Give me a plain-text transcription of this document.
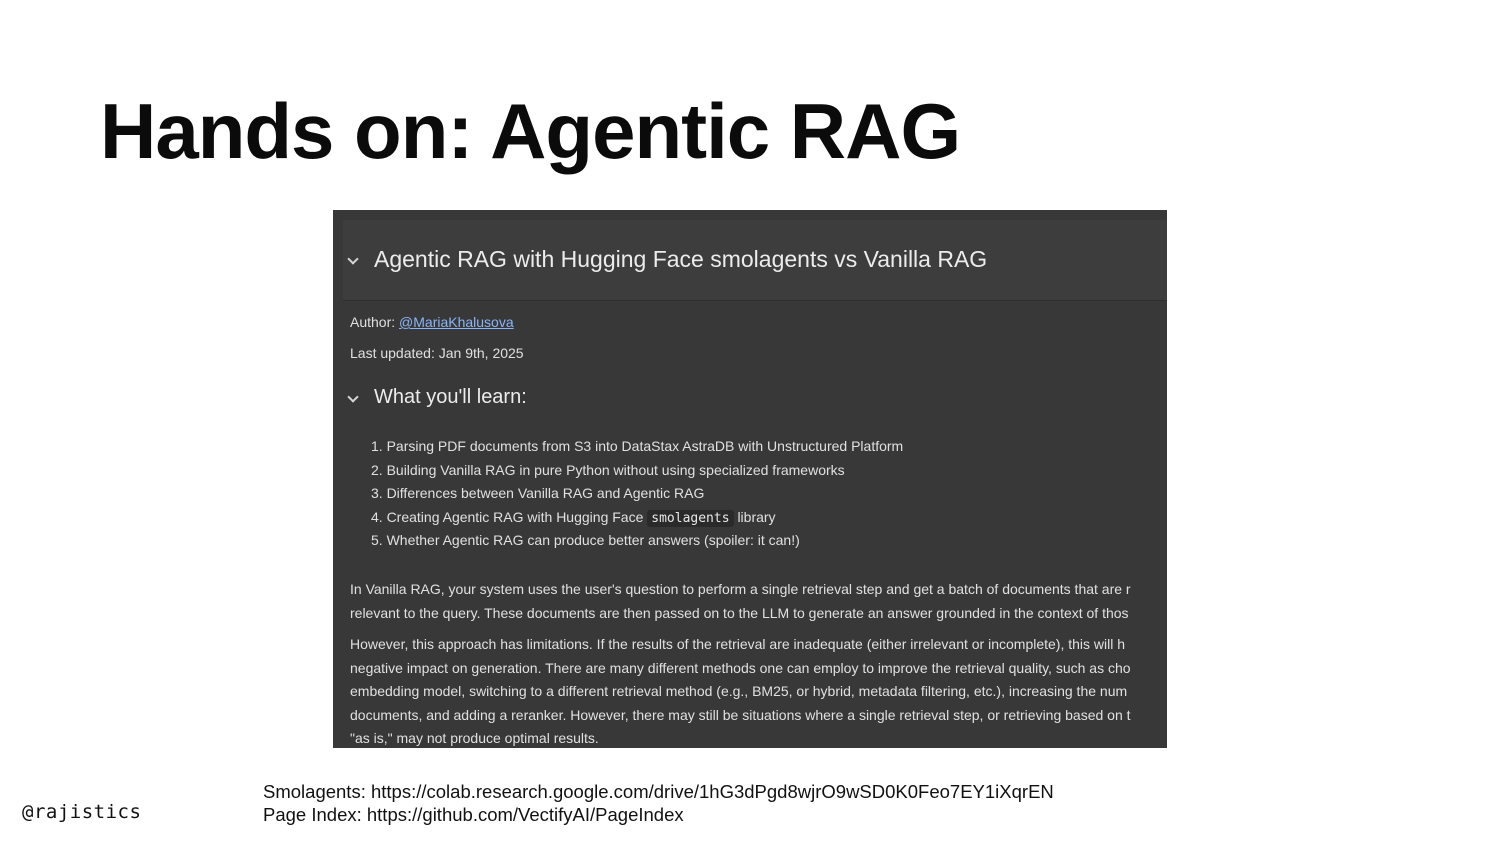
Hands on: Agentic RAG
Agentic RAG with Hugging Face smolagents vs Vanilla RAG
Author: @MariaKhalusova
Last updated: Jan 9th, 2025
What you'll learn:
1. Parsing PDF documents from S3 into DataStax AstraDB with Unstructured Platform
2. Building Vanilla RAG in pure Python without using specialized frameworks
3. Differences between Vanilla RAG and Agentic RAG
4. Creating Agentic RAG with Hugging Face smolagents library
5. Whether Agentic RAG can produce better answers (spoiler: it can!)

In Vanilla RAG, your system uses the user's question to perform a single retrieval step and get a batch of documents that are r
relevant to the query. These documents are then passed on to the LLM to generate an answer grounded in the context of thos

However, this approach has limitations. If the results of the retrieval are inadequate (either irrelevant or incomplete), this will h
negative impact on generation. There are many different methods one can employ to improve the retrieval quality, such as cho
embedding model, switching to a different retrieval method (e.g., BM25, or hybrid, metadata filtering, etc.), increasing the num
documents, and adding a reranker. However, there may still be situations where a single retrieval step, or retrieving based on t
"as is," may not produce optimal results.

@rajistics
Smolagents: https://colab.research.google.com/drive/1hG3dPgd8wjrO9wSD0K0Feo7EY1iXqrEN
Page Index: https://github.com/VectifyAI/PageIndex
